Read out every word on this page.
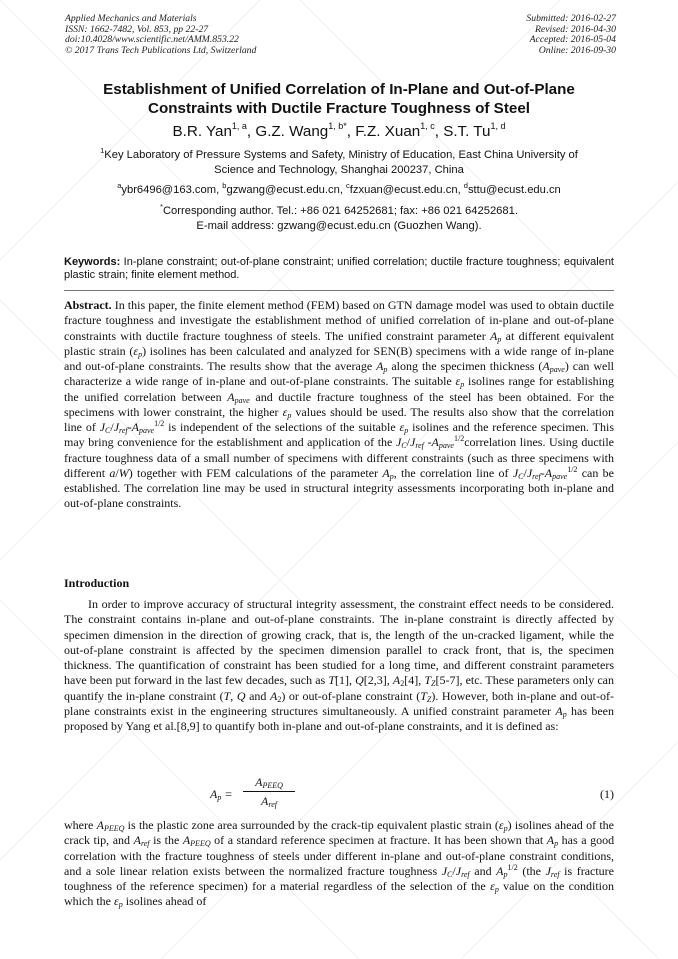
Applied Mechanics and Materials
ISSN: 1662-7482, Vol. 853, pp 22-27
doi:10.4028/www.scientific.net/AMM.853.22
© 2017 Trans Tech Publications Ltd, Switzerland
Submitted: 2016-02-27
Revised: 2016-04-30
Accepted: 2016-05-04
Online: 2016-09-30
Establishment of Unified Correlation of In-Plane and Out-of-Plane
Constraints with Ductile Fracture Toughness of Steel
B.R. Yan$^{1, a}$, G.Z. Wang$^{1, b*}$, F.Z. Xuan$^{1, c}$, S.T. Tu$^{1, d}$
$^1$Key Laboratory of Pressure Systems and Safety, Ministry of Education, East China University of
Science and Technology, Shanghai 200237, China
$^a$ybr6496@163.com, $^b$gzwang@ecust.edu.cn, $^c$fzxuan@ecust.edu.cn, $^d$sttu@ecust.edu.cn
*Corresponding author. Tel.: +86 021 64252681; fax: +86 021 64252681.
E-mail address: gzwang@ecust.edu.cn (Guozhen Wang).
Keywords: In-plane constraint; out-of-plane constraint; unified correlation; ductile fracture toughness; equivalent plastic strain; finite element method.
Abstract. In this paper, the finite element method (FEM) based on GTN damage model was used to obtain ductile fracture toughness and investigate the establishment method of unified correlation of in-plane and out-of-plane constraints with ductile fracture toughness of steels. The unified constraint parameter $A_p$ at different equivalent plastic strain $(\varepsilon_p)$ isolines has been calculated and analyzed for SEN(B) specimens with a wide range of in-plane and out-of-plane constraints. The results show that the average $A_p$ along the specimen thickness $(A_{pave})$ can well characterize a wide range of in-plane and out-of-plane constraints. The suitable $\varepsilon_p$ isolines range for establishing the unified correlation between $A_{pave}$ and ductile fracture toughness of the steel has been obtained. For the specimens with lower constraint, the higher $\varepsilon_p$ values should be used. The results also show that the correlation line of $J_C/J_{ref}-A_{pave}^{1/2}$ is independent of the selections of the suitable $\varepsilon_p$ isolines and the reference specimen. This may bring convenience for the establishment and application of the $J_C/J_{ref}$ $-A_{pave}^{1/2}correlation$ lines. Using ductile fracture toughness data of a small number of specimens with different constraints (such as three specimens with different a/W) together with FEM calculations of the parameter $A_p$, the correlation line of $J_C/J_{ref}-A_{pave}^{1/2}$ can be established. The correlation line may be used in structural integrity assessments incorporating both in-plane and out-of-plane constraints.
Introduction
In order to improve accuracy of structural integrity assessment, the constraint effect needs to be considered. The constraint contains in-plane and out-of-plane constraints. The in-plane constraint is directly affected by specimen dimension in the direction of growing crack, that is, the length of the un-cracked ligament, while the out-of-plane constraint is affected by the specimen dimension parallel to crack front, that is, the specimen thickness. The quantification of constraint has been studied for a long time, and different constraint parameters have been put forward in the last few decades, such as T[1], Q[2,3], $A_2[4]$, $T_Z[5-7]$, etc. These parameters only can quantify the in-plane constraint (T, Q and $A_2$) or out-of-plane constraint $(T_Z)$. However, both in-plane and out-of-plane constraints exist in the engineering structures simultaneously. A unified constraint parameter $A_p$ has been proposed by Yang et al.[8,9] to quantify both in-plane and out-of-plane constraints, and it is defined as:
$A_p$ =
$A_{PEEQ}$
$A_{ref}$
(1)
where $A_{PEEQ}$ is the plastic zone area surrounded by the crack-tip equivalent plastic strain $(\varepsilon_p)$ isolines ahead of the crack tip, and $A_{ref}$ is the $A_{PEEQ}$ of a standard reference specimen at fracture. It has been shown that $A_p$ has a good correlation with the fracture toughness of steels under different in-plane and out-of-plane constraint conditions, and a sole linear relation exists between the normalized fracture toughness $J_C/J_{ref}$ and $A_p^{1/2}$ (the $J_{ref}$ is fracture toughness of the reference specimen) for a material regardless of the selection of the $\varepsilon_p$ value on the condition which the $\varepsilon_p$ isolines ahead of
